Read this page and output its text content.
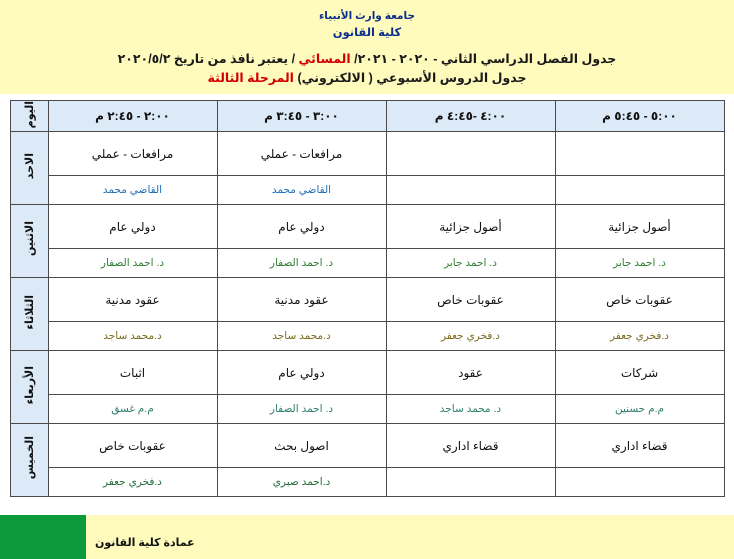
جامعة وارث الأنبياء
كلية القانون
جدول الفصل الدراسي الثاني - ٢٠٢٠ - ٢٠٢١/ المسائي / يعتبر نافذ من تاريخ ٢٠٢٠/٥/٢
جدول الدروس الأسبوعي ( الالكتروني) المرحلة الثالثة
٥:٠٠ - ٥:٤٥ م	٤:٠٠ -٤:٤٥ م	٣:٠٠ - ٣:٤٥ م	٢:٠٠ - ٢:٤٥ م	اليوم
		مرافعات - عملي	مرافعات - عملي	الاحد
		القاضي محمد	القاضي محمد	
أصول جزائية	أصول جزائية	دولي عام	دولي عام	الاثنين
د. احمد جابر	د. احمد جابر	د. احمد الصفار	د. احمد الصفار	
عقوبات خاص	عقوبات خاص	عقود مدنية	عقود مدنية	الثلاثاء
د.فخري جعفر	د.فخري جعفر	د.محمد ساجد	د.محمد ساجد	
شركات	عقود	دولي عام	اثبات	الأربعاء
م.م حسنين	د. محمد ساجد	د. احمد الصفار	م.م غسق	
قضاء اداري	قضاء اداري	اصول بحث	عقوبات خاص	الخميس
		د.احمد صبري	د.فخري جعفر	
عمادة كلية القانون
